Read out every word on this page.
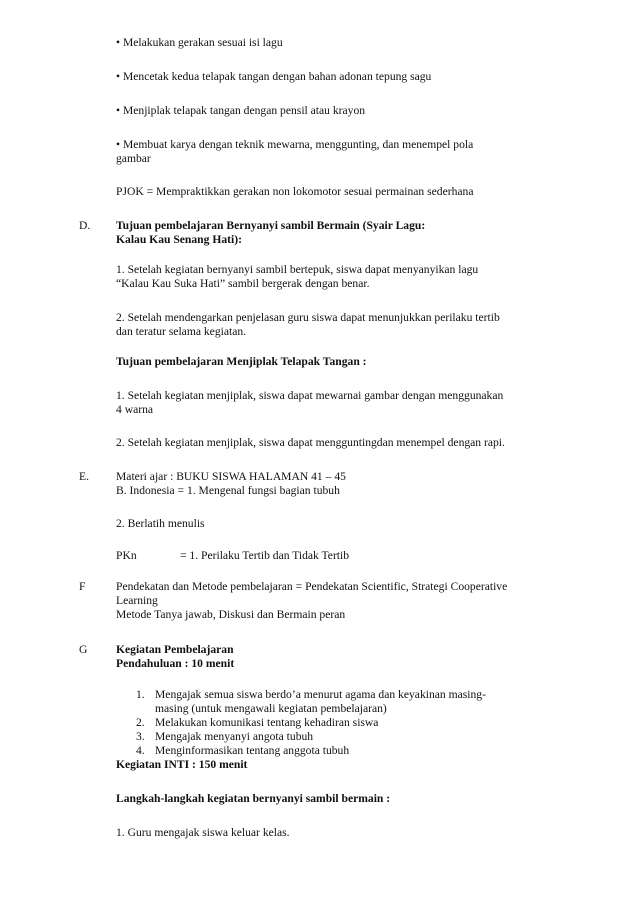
• Melakukan gerakan sesuai isi lagu
• Mencetak kedua telapak tangan dengan bahan adonan tepung sagu
• Menjiplak telapak tangan dengan pensil atau krayon
• Membuat karya dengan teknik mewarna, menggunting, dan menempel pola
gambar
PJOK = Mempraktikkan gerakan non lokomotor sesuai permainan sederhana
D. Tujuan pembelajaran Bernyanyi sambil Bermain (Syair Lagu:
Kalau Kau Senang Hati):
1. Setelah kegiatan bernyanyi sambil bertepuk, siswa dapat menyanyikan lagu
“Kalau Kau Suka Hati” sambil bergerak dengan benar.
2. Setelah mendengarkan penjelasan guru siswa dapat menunjukkan perilaku tertib
dan teratur selama kegiatan.
Tujuan pembelajaran Menjiplak Telapak Tangan :
1. Setelah kegiatan menjiplak, siswa dapat mewarnai gambar dengan menggunakan
4 warna
2. Setelah kegiatan menjiplak, siswa dapat mengguntingdan menempel dengan rapi.
E. Materi ajar : BUKU SISWA HALAMAN 41 – 45
B. Indonesia = 1. Mengenal fungsi bagian tubuh
2. Berlatih menulis
PKn	= 1. Perilaku Tertib dan Tidak Tertib
F	Pendekatan dan Metode pembelajaran = Pendekatan Scientific, Strategi Cooperative
Learning
Metode Tanya jawab, Diskusi dan Bermain peran
G Kegiatan Pembelajaran
Pendahuluan : 10 menit
1. Mengajak semua siswa berdo’a menurut agama dan keyakinan masing-
masing (untuk mengawali kegiatan pembelajaran)
2. Melakukan komunikasi tentang kehadiran siswa
3. Mengajak menyanyi angota tubuh
4. Menginformasikan tentang anggota tubuh
Kegiatan INTI : 150 menit
Langkah-langkah kegiatan bernyanyi sambil bermain :
1. Guru mengajak siswa keluar kelas.
